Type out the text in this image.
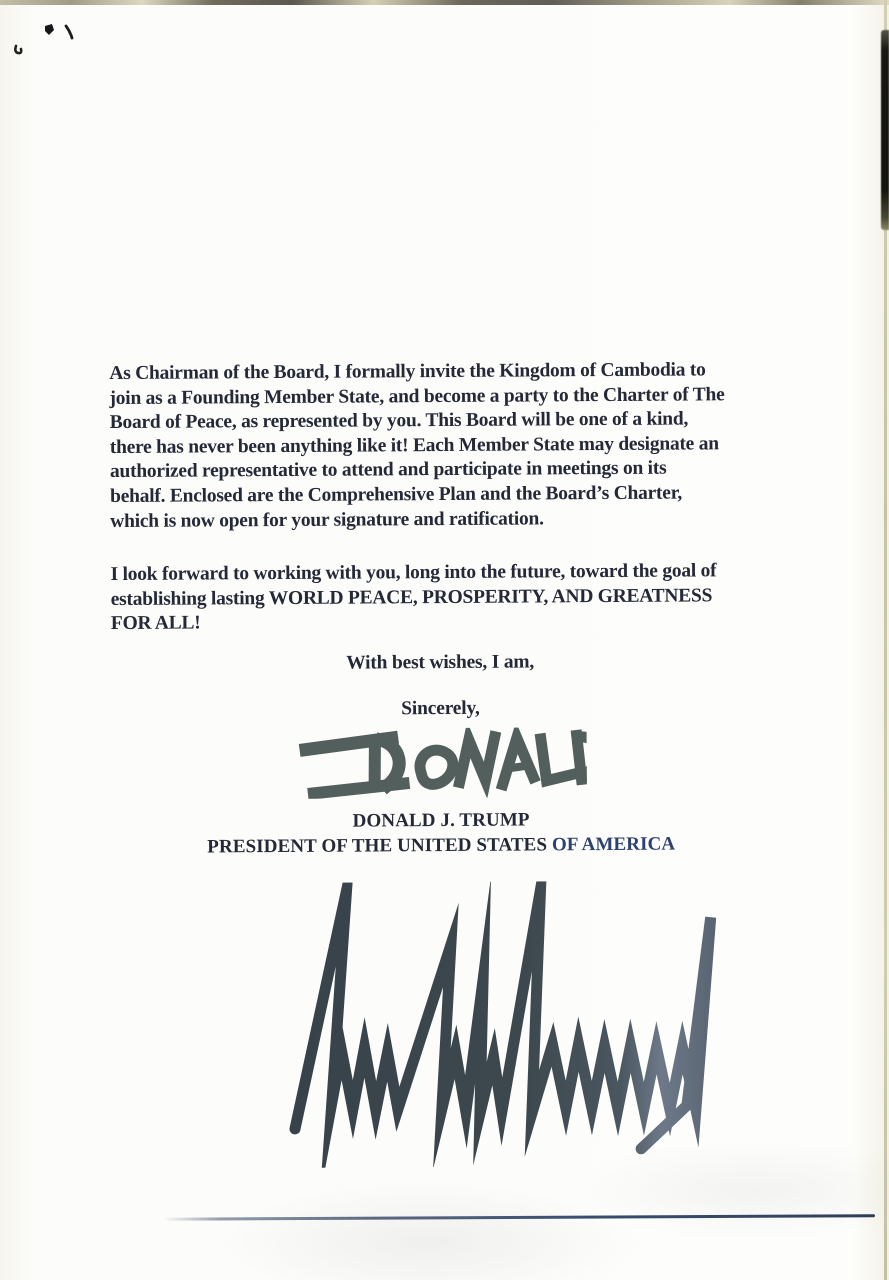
As Chairman of the Board, I formally invite the Kingdom of Cambodia to
join as a Founding Member State, and become a party to the Charter of The
Board of Peace, as represented by you. This Board will be one of a kind,
there has never been anything like it! Each Member State may designate an
authorized representative to attend and participate in meetings on its
behalf. Enclosed are the Comprehensive Plan and the Board’s Charter,
which is now open for your signature and ratification.
I look forward to working with you, long into the future, toward the goal of
establishing lasting WORLD PEACE, PROSPERITY, AND GREATNESS
FOR ALL!
With best wishes, I am,
Sincerely,
DONALD J. TRUMP
PRESIDENT OF THE UNITED STATES OF AMERICA
